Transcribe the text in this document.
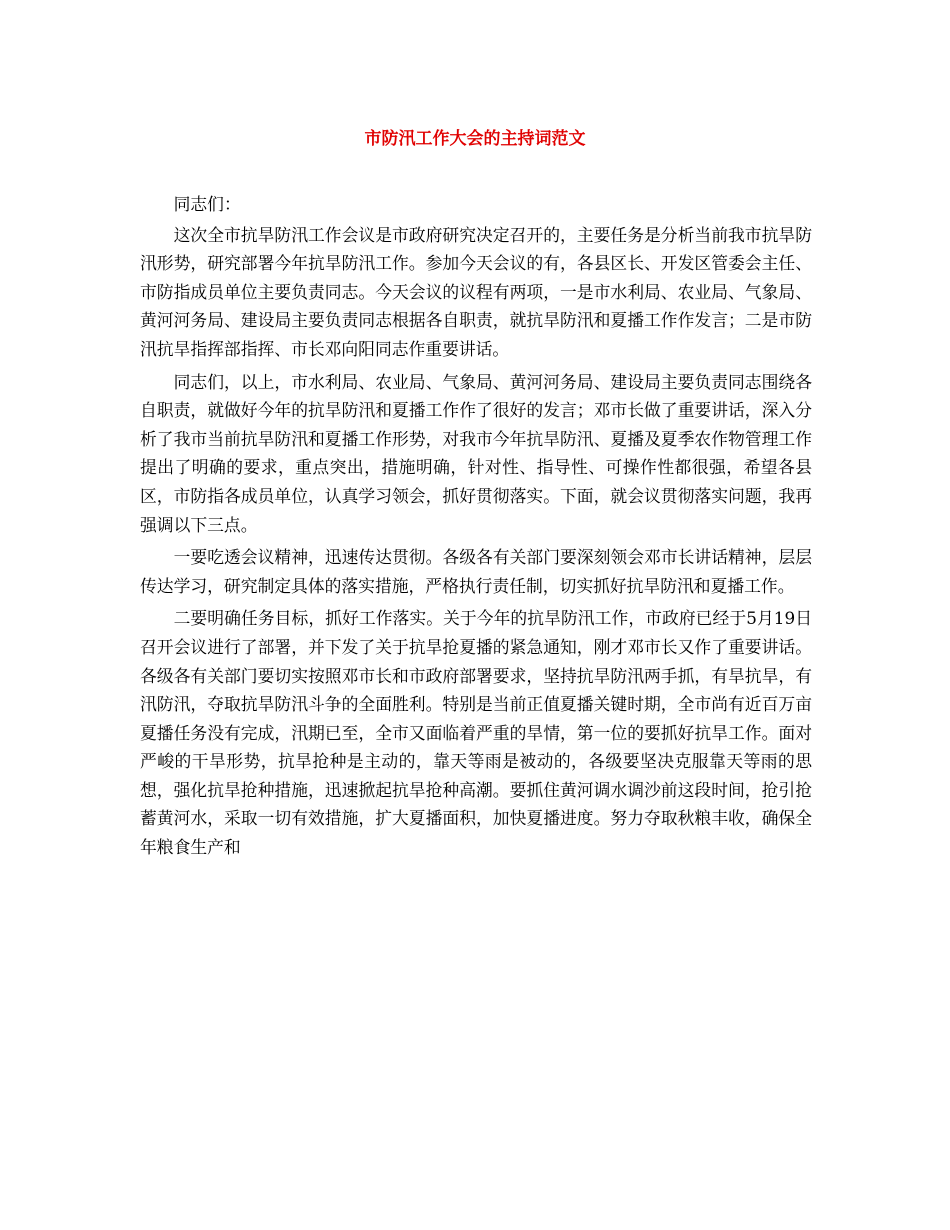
市防汛工作大会的主持词范文

同志们：

这次全市抗旱防汛工作会议是市政府研究决定召开的，主要任务是分析当前我市抗旱防汛形势，研究部署今年抗旱防汛工作。参加今天会议的有，各县区长、开发区管委会主任、市防指成员单位主要负责同志。今天会议的议程有两项，一是市水利局、农业局、气象局、黄河河务局、建设局主要负责同志根据各自职责，就抗旱防汛和夏播工作作发言；二是市防汛抗旱指挥部指挥、市长邓向阳同志作重要讲话。

同志们，以上，市水利局、农业局、气象局、黄河河务局、建设局主要负责同志围绕各自职责，就做好今年的抗旱防汛和夏播工作作了很好的发言；邓市长做了重要讲话，深入分析了我市当前抗旱防汛和夏播工作形势，对我市今年抗旱防汛、夏播及夏季农作物管理工作提出了明确的要求，重点突出，措施明确，针对性、指导性、可操作性都很强，希望各县区，市防指各成员单位，认真学习领会，抓好贯彻落实。下面，就会议贯彻落实问题，我再强调以下三点。

一要吃透会议精神，迅速传达贯彻。各级各有关部门要深刻领会邓市长讲话精神，层层传达学习，研究制定具体的落实措施，严格执行责任制，切实抓好抗旱防汛和夏播工作。

二要明确任务目标，抓好工作落实。关于今年的抗旱防汛工作，市政府已经于5月19日召开会议进行了部署，并下发了关于抗旱抢夏播的紧急通知，刚才邓市长又作了重要讲话。各级各有关部门要切实按照邓市长和市政府部署要求，坚持抗旱防汛两手抓，有旱抗旱，有汛防汛，夺取抗旱防汛斗争的全面胜利。特别是当前正值夏播关键时期，全市尚有近百万亩夏播任务没有完成，汛期已至，全市又面临着严重的旱情，第一位的要抓好抗旱工作。面对严峻的干旱形势，抗旱抢种是主动的，靠天等雨是被动的，各级要坚决克服靠天等雨的思想，强化抗旱抢种措施，迅速掀起抗旱抢种高潮。要抓住黄河调水调沙前这段时间，抢引抢蓄黄河水，采取一切有效措施，扩大夏播面积，加快夏播进度。努力夺取秋粮丰收，确保全年粮食生产和
